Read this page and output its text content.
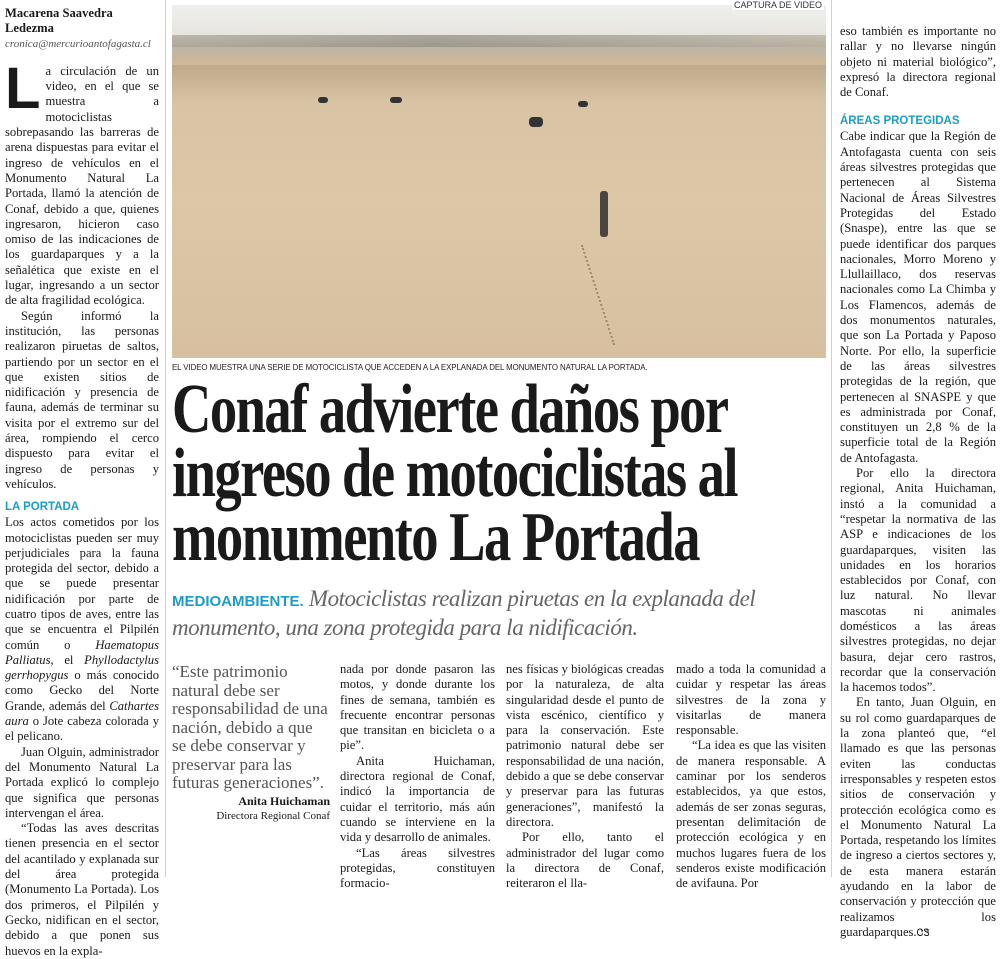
Macarena Saavedra Ledezma
cronica@mercurioantofagasta.cl

La circulación de un video, en el que se muestra a motociclistas sobrepasando las barreras de arena dispuestas para evitar el ingreso de vehículos en el Monumento Natural La Portada, llamó la atención de Conaf, debido a que, quienes ingresaron, hicieron caso omiso de las indicaciones de los guardaparques y a la señalética que existe en el lugar, ingresando a un sector de alta fragilidad ecológica.

Según informó la institución, las personas realizaron piruetas de saltos, partiendo por un sector en el que existen sitios de nidificación y presencia de fauna, además de terminar su visita por el extremo sur del área, rompiendo el cerco dispuesto para evitar el ingreso de personas y vehículos.

LA PORTADA

Los actos cometidos por los motociclistas pueden ser muy perjudiciales para la fauna protegida del sector, debido a que se puede presentar nidificación por parte de cuatro tipos de aves, entre las que se encuentra el Pilpilén común o Haematopus Palliatus, el Phyllodactylus gerrhopygus o más conocido como Gecko del Norte Grande, además del Cathartes aura o Jote cabeza colorada y el pelicano.

Juan Olguin, administrador del Monumento Natural La Portada explicó lo complejo que significa que personas intervengan el área.

“Todas las aves descritas tienen presencia en el sector del acantilado y explanada sur del área protegida (Monumento La Portada). Los dos primeros, el Pilpilén y Gecko, nidifican en el sector, debido a que ponen sus huevos en la expla-

CAPTURA DE VIDEO
EL VIDEO MUESTRA UNA SERIE DE MOTOCICLISTA QUE ACCEDEN A LA EXPLANADA DEL MONUMENTO NATURAL LA PORTADA.
Conaf advierte daños por
ingreso de motociclistas al
monumento La Portada
MEDIOAMBIENTE. Motociclistas realizan piruetas en la explanada del monumento, una zona protegida para la nidificación.
“Este patrimonio natural debe ser responsabilidad de una nación, debido a que se debe conservar y preservar para las futuras generaciones”.
Anita Huichaman
Directora Regional Conaf

nada por donde pasaron las motos, y donde durante los fines de semana, también es frecuente encontrar personas que transitan en bicicleta o a pie”.

Anita Huichaman, directora regional de Conaf, indicó la importancia de cuidar el territorio, más aún cuando se interviene en la vida y desarrollo de animales.

“Las áreas silvestres protegidas, constituyen formacio-

nes físicas y biológicas creadas por la naturaleza, de alta singularidad desde el punto de vista escénico, científico y para la conservación. Este patrimonio natural debe ser responsabilidad de una nación, debido a que se debe conservar y preservar para las futuras generaciones”, manifestó la directora.

Por ello, tanto el administrador del lugar como la directora de Conaf, reiteraron el lla-

mado a toda la comunidad a cuidar y respetar las áreas silvestres de la zona y visitarlas de manera responsable.

“La idea es que las visiten de manera responsable. A caminar por los senderos establecidos, ya que estos, además de ser zonas seguras, presentan delimitación de protección ecológica y en muchos lugares fuera de los senderos existe modificación de avifauna. Por

eso también es importante no rallar y no llevarse ningún objeto ni material biológico”, expresó la directora regional de Conaf.

ÁREAS PROTEGIDAS

Cabe indicar que la Región de Antofagasta cuenta con seis áreas silvestres protegidas que pertenecen al Sistema Nacional de Áreas Silvestres Protegidas del Estado (Snaspe), entre las que se puede identificar dos parques nacionales, Morro Moreno y Llullaillaco, dos reservas nacionales como La Chimba y Los Flamencos, además de dos monumentos naturales, que son La Portada y Paposo Norte. Por ello, la superficie de las áreas silvestres protegidas de la región, que pertenecen al SNASPE y que es administrada por Conaf, constituyen un 2,8 % de la superficie total de la Región de Antofagasta.

Por ello la directora regional, Anita Huichaman, instó a la comunidad a “respetar la normativa de las ASP e indicaciones de los guardaparques, visiten las unidades en los horarios establecidos por Conaf, con luz natural. No llevar mascotas ni animales domésticos a las áreas silvestres protegidas, no dejar basura, dejar cero rastros, recordar que la conservación la hacemos todos”.

En tanto, Juan Olguin, en su rol como guardaparques de la zona planteó que, “el llamado es que las personas eviten las conductas irresponsables y respeten estos sitios de conservación y protección ecológica como es el Monumento Natural La Portada, respetando los límites de ingreso a ciertos sectores y, de esta manera estarán ayudando en la labor de conservación y protección que realizamos los guardaparques.ᏣᏕ
